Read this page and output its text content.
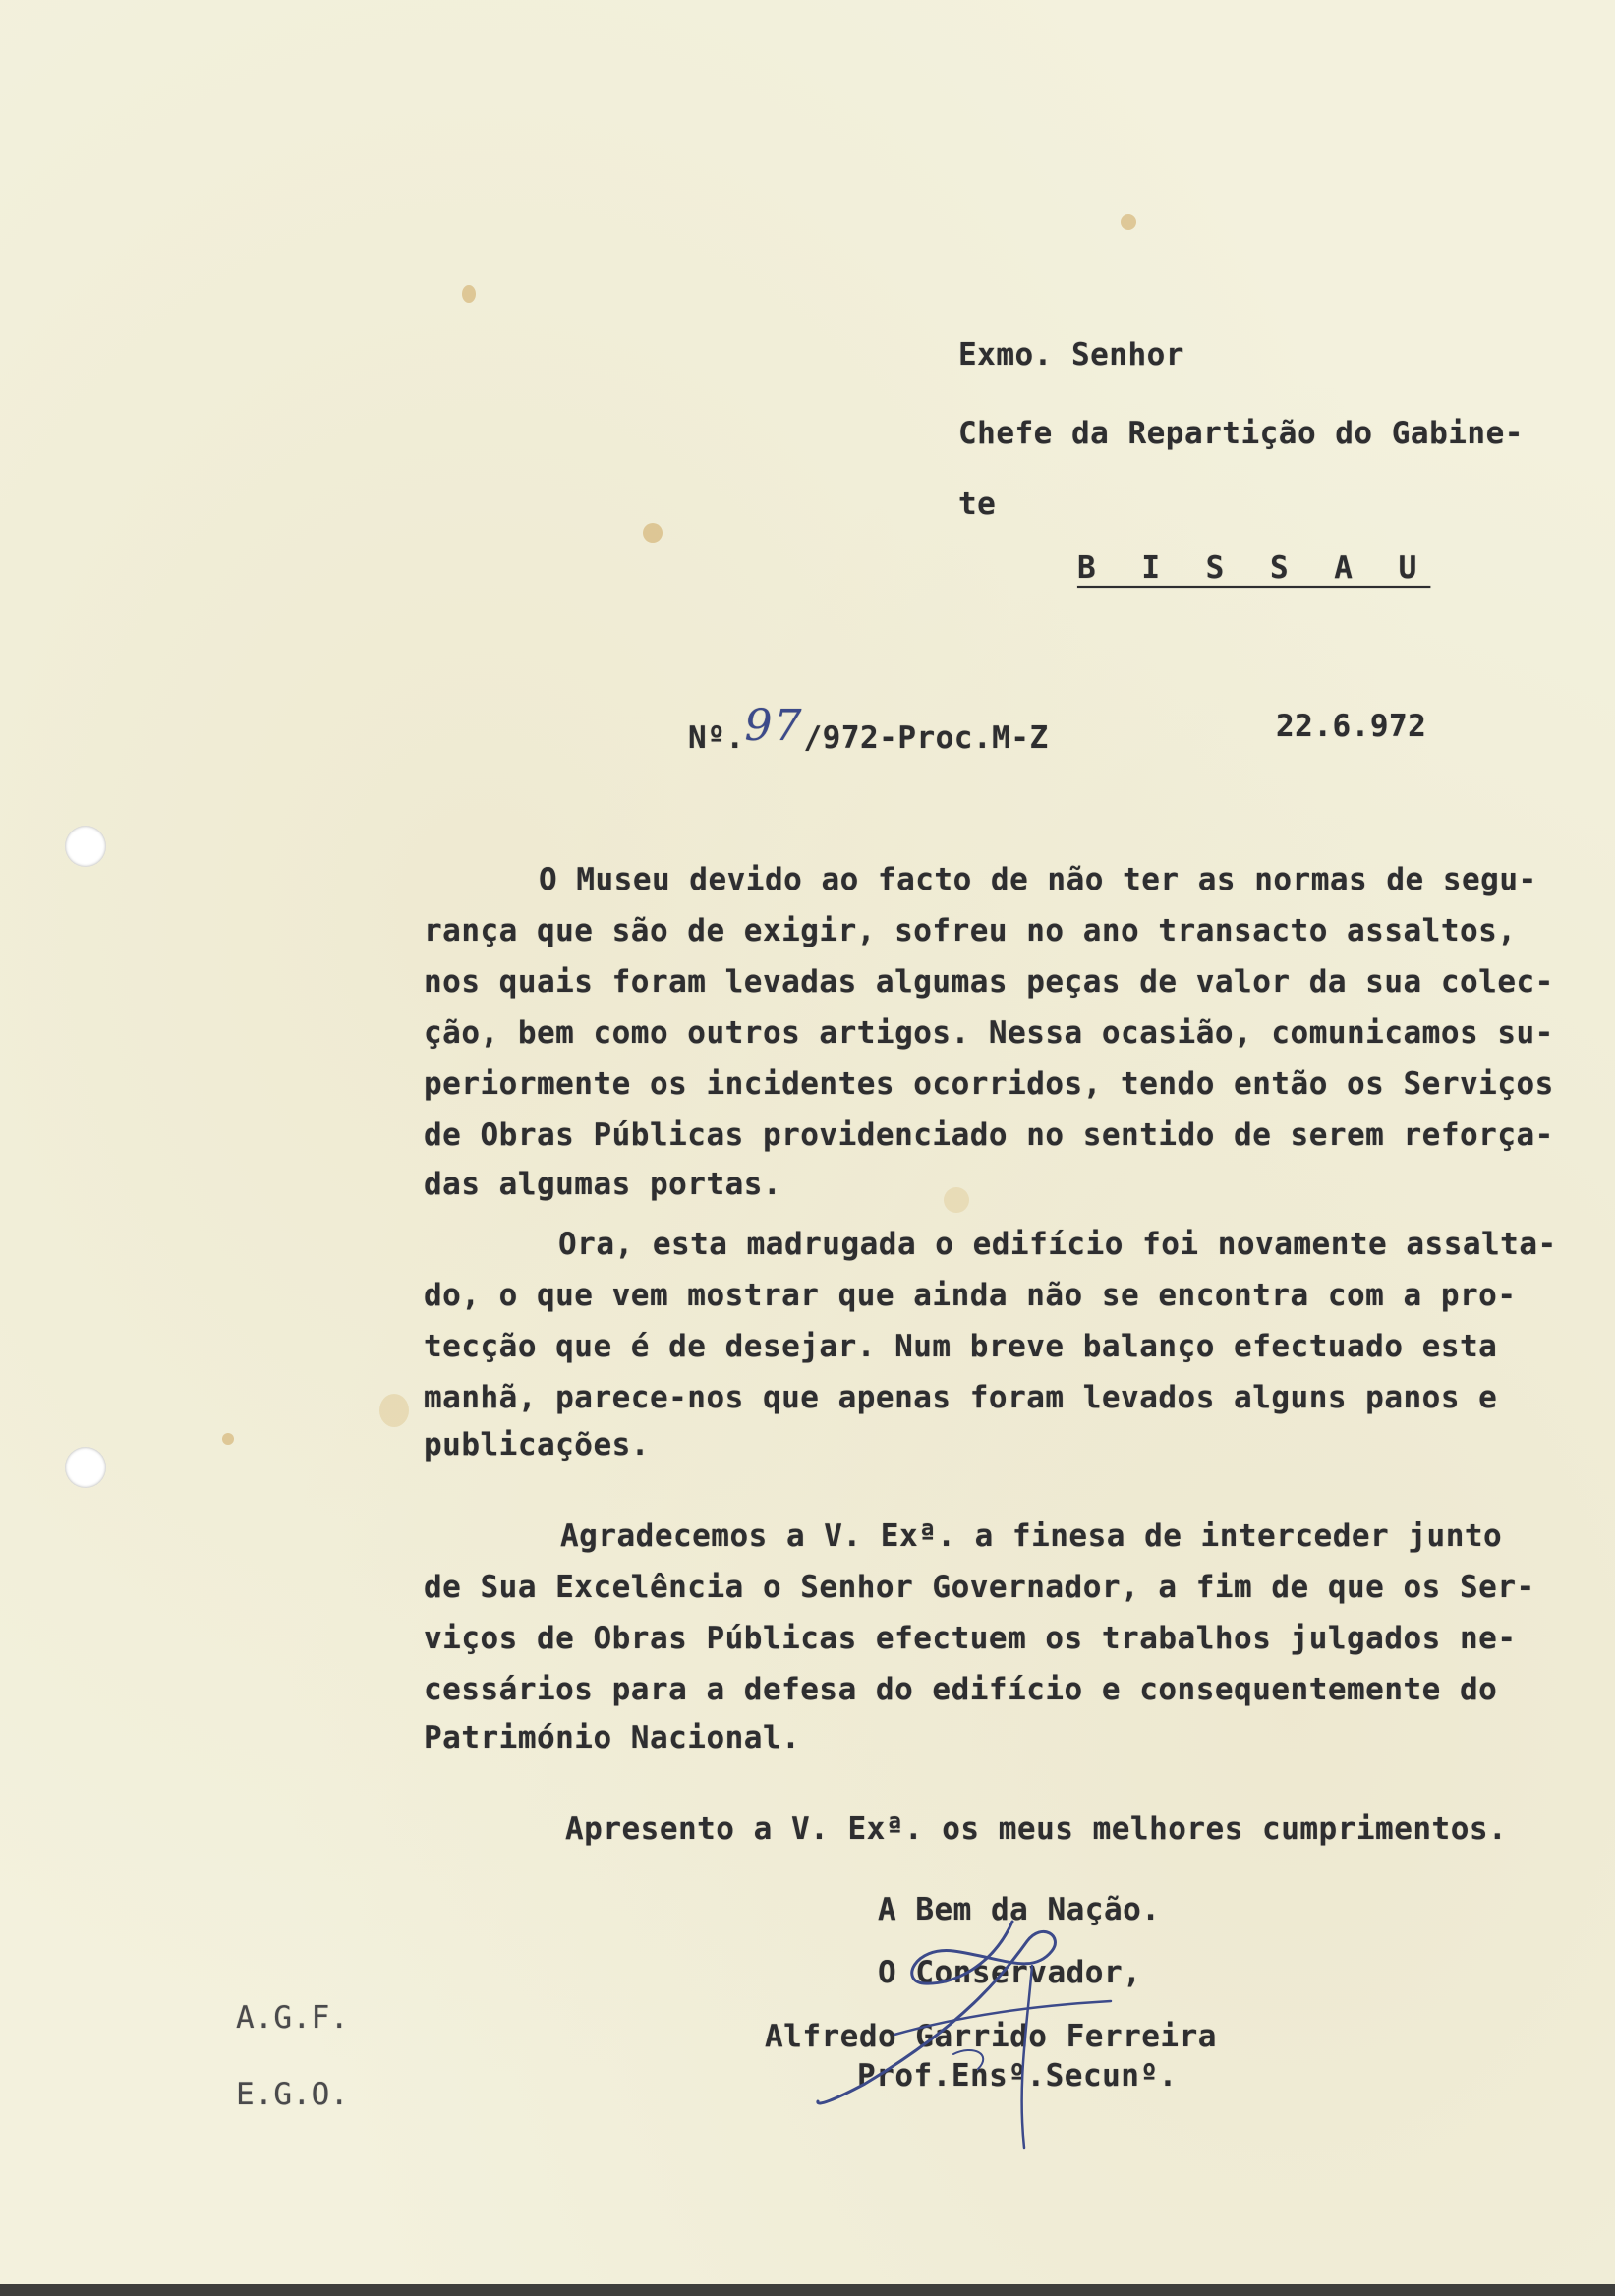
Exmo. Senhor
Chefe da Repartição do Gabine-
te
B I S S A U
Nº.97/972-Proc.M-Z	22.6.972
O Museu devido ao facto de não ter as normas de segu-
rança que são de exigir, sofreu no ano transacto assaltos,
nos quais foram levadas algumas peças de valor da sua colec-
ção, bem como outros artigos. Nessa ocasião, comunicamos su-
periormente os incidentes ocorridos, tendo então os Serviços
de Obras Públicas providenciado no sentido de serem reforça-
das algumas portas.
Ora, esta madrugada o edifício foi novamente assalta-
do, o que vem mostrar que ainda não se encontra com a pro-
tecção que é de desejar. Num breve balanço efectuado esta
manhã, parece-nos que apenas foram levados alguns panos e
publicações.
Agradecemos a V. Exª. a finesa de interceder junto
de Sua Excelência o Senhor Governador, a fim de que os Ser-
viços de Obras Públicas efectuem os trabalhos julgados ne-
cessários para a defesa do edifício e consequentemente do
Património Nacional.
Apresento a V. Exª. os meus melhores cumprimentos.
A Bem da Nação.
O Conservador,
Alfredo Garrido Ferreira
Prof.Ensº.Secunº.
A.G.F.
E.G.O.
